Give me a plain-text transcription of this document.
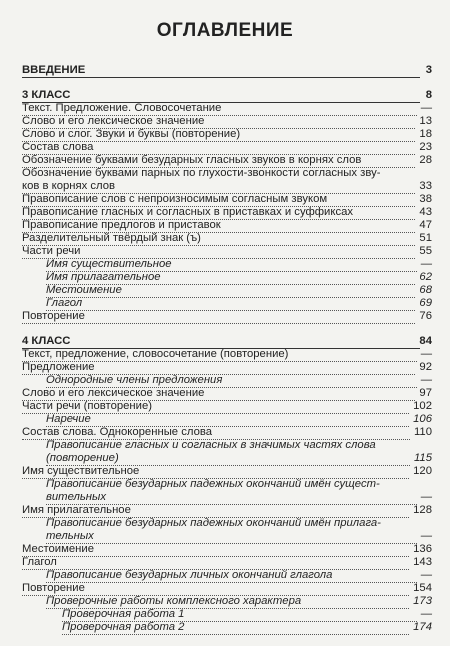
ОГЛАВЛЕНИЕ
ВВЕДЕНИЕ	3
3 КЛАСС	8
Текст. Предложение. Словосочетание	—
Слово и его лексическое значение	13
Слово и слог. Звуки и буквы (повторение)	18
Состав слова	23
Обозначение буквами безударных гласных звуков в корнях слов	28
Обозначение буквами парных по глухости-звонкости согласных зву-
ков в корнях слов	33
Правописание слов с непроизносимым согласным звуком	38
Правописание гласных и согласных в приставках и суффиксах	43
Правописание предлогов и приставок	47
Разделительный твёрдый знак (ъ)	51
Части речи	55
Имя существительное	—
Имя прилагательное	62
Местоимение	68
Глагол	69
Повторение	76
4 КЛАСС	84
Текст, предложение, словосочетание (повторение)	—
Предложение	92
Однородные члены предложения	—
Слово и его лексическое значение	97
Части речи (повторение)	102
Наречие	106
Состав слова. Однокоренные слова	110
Правописание гласных и согласных в значимых частях слова
(повторение)	115
Имя существительное	120
Правописание безударных падежных окончаний имён сущест-
вительных	—
Имя прилагательное	128
Правописание безударных падежных окончаний имён прилага-
тельных	—
Местоимение	136
Глагол	143
Правописание безударных личных окончаний глагола	—
Повторение	154
Проверочные работы комплексного характера	173
Проверочная работа 1	—
Проверочная работа 2	174
